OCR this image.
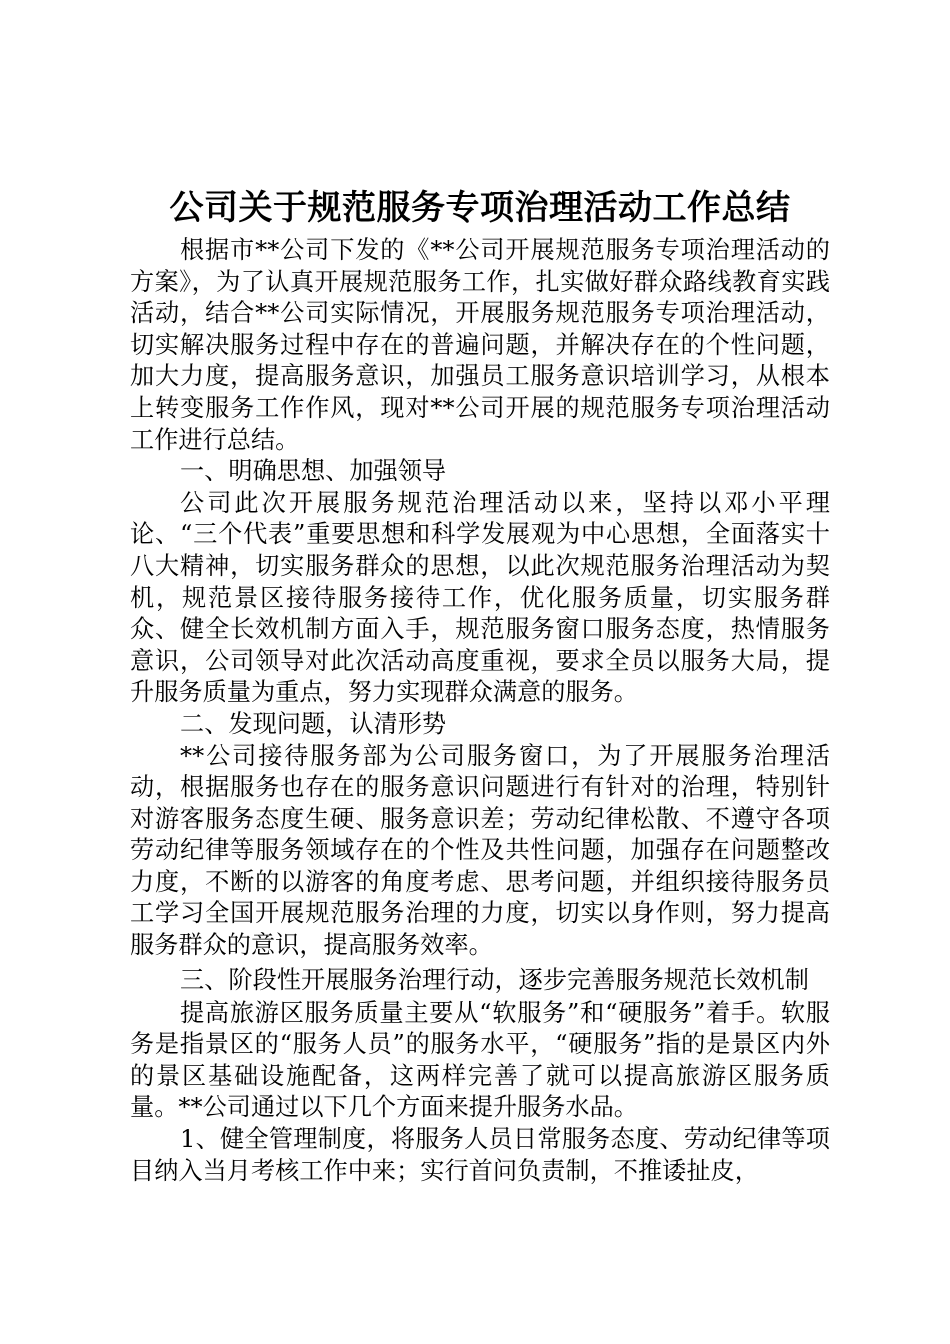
公司关于规范服务专项治理活动工作总结

根据市**公司下发的《**公司开展规范服务专项治理活动的方案》，为了认真开展规范服务工作，扎实做好群众路线教育实践活动，结合**公司实际情况，开展服务规范服务专项治理活动，切实解决服务过程中存在的普遍问题，并解决存在的个性问题，加大力度，提高服务意识，加强员工服务意识培训学习，从根本上转变服务工作作风，现对**公司开展的规范服务专项治理活动工作进行总结。

一、明确思想、加强领导

公司此次开展服务规范治理活动以来，坚持以邓小平理论、“三个代表”重要思想和科学发展观为中心思想，全面落实十八大精神，切实服务群众的思想，以此次规范服务治理活动为契机，规范景区接待服务接待工作，优化服务质量，切实服务群众、健全长效机制方面入手，规范服务窗口服务态度，热情服务意识，公司领导对此次活动高度重视，要求全员以服务大局，提升服务质量为重点，努力实现群众满意的服务。

二、发现问题，认清形势

**公司接待服务部为公司服务窗口，为了开展服务治理活动，根据服务也存在的服务意识问题进行有针对的治理，特别针对游客服务态度生硬、服务意识差；劳动纪律松散、不遵守各项劳动纪律等服务领域存在的个性及共性问题，加强存在问题整改力度，不断的以游客的角度考虑、思考问题，并组织接待服务员工学习全国开展规范服务治理的力度，切实以身作则，努力提高服务群众的意识，提高服务效率。

三、阶段性开展服务治理行动，逐步完善服务规范长效机制

提高旅游区服务质量主要从“软服务”和“硬服务”着手。软服务是指景区的“服务人员”的服务水平，“硬服务”指的是景区内外的景区基础设施配备，这两样完善了就可以提高旅游区服务质量。**公司通过以下几个方面来提升服务水品。

1、健全管理制度，将服务人员日常服务态度、劳动纪律等项目纳入当月考核工作中来；实行首问负责制，不推诿扯皮，
